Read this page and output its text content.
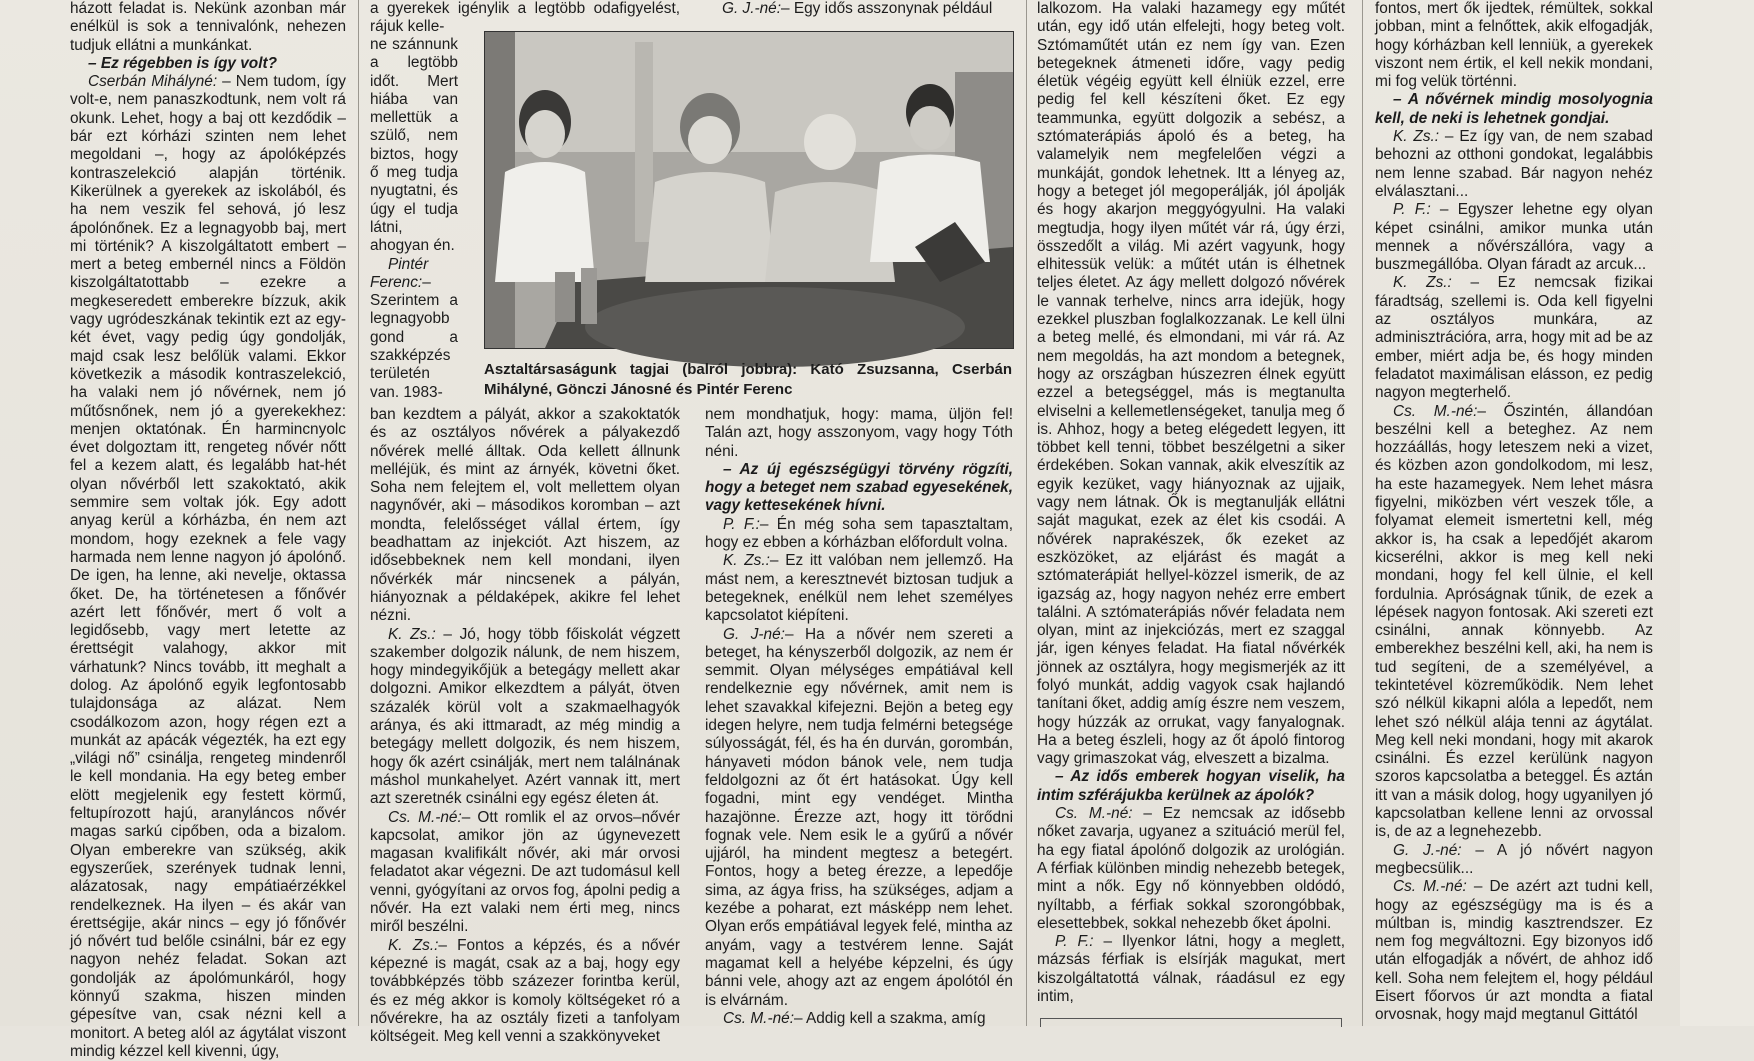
házott feladat is. Nekünk azonban már enélkül is sok a tennivalónk, nehezen tudjuk ellátni a munkánkat.

– Ez régebben is így volt?

Cserbán Mihályné: – Nem tudom, így volt-e, nem panaszkodtunk, nem volt rá okunk. Lehet, hogy a baj ott kezdődik – bár ezt kórházi szinten nem lehet megoldani –, hogy az ápolóképzés kontraszelekció alapján történik. Kikerülnek a gyerekek az iskolából, és ha nem veszik fel sehová, jó lesz ápolónőnek. Ez a legnagyobb baj, mert mi történik? A kiszolgáltatott embert – mert a beteg embernél nincs a Földön kiszolgáltatottabb – ezekre a megkeseredett emberekre bízzuk, akik vagy ugródeszkának tekintik ezt az egy-két évet, vagy pedig úgy gondolják, majd csak lesz belőlük valami. Ekkor következik a második kontraszelekció, ha valaki nem jó nővérnek, nem jó műtősnőnek, nem jó a gyerekekhez: menjen oktatónak. Én harmincnyolc évet dolgoztam itt, rengeteg nővér nőtt fel a kezem alatt, és legalább hat-hét olyan nővérből lett szakoktató, akik semmire sem voltak jók. Egy adott anyag kerül a kórházba, én nem azt mondom, hogy ezeknek a fele vagy harmada nem lenne nagyon jó ápolónő. De igen, ha lenne, aki nevelje, oktassa őket. De, ha történetesen a főnővér azért lett főnővér, mert ő volt a legidősebb, vagy mert letette az érettségit valahogy, akkor mit várhatunk? Nincs tovább, itt meghalt a dolog. Az ápolónő egyik legfontosabb tulajdonsága az alázat. Nem csodálkozom azon, hogy régen ezt a munkát az apácák végezték, ha ezt egy „világi nő” csinálja, rengeteg mindenről le kell mondania. Ha egy beteg ember elött megjelenik egy festett körmű, feltupírozott hajú, aranyláncos nővér magas sarkú cipőben, oda a bizalom. Olyan emberekre van szükség, akik egyszerűek, szerények tudnak lenni, alázatosak, nagy empátiaérzékkel rendelkeznek. Ha ilyen – és akár van érettségije, akár nincs – egy jó főnővér jó nővért tud belőle csinálni, bár ez egy nagyon nehéz feladat. Sokan azt gondolják az ápolómunkáról, hogy könnyű szakma, hiszen minden gépesítve van, csak nézni kell a monitort. A beteg alól az ágytálat viszont mindig kézzel kell kivenni, úgy,

a gyerekek igénylik a legtöbb odafigyelést, rájuk kelle-

ne szánnunk a legtöbb időt. Mert hiába van mellettük a szülő, nem biztos, hogy ő meg tudja nyugtatni, és úgy el tudja látni, ahogyan én.

Pintér Ferenc:– Szerintem a legnagyobb gond a szakképzés területén van. 1983-

ban kezdtem a pályát, akkor a szakoktatók és az osztályos nővérek a pályakezdő nővérek mellé álltak. Oda kellett állnunk melléjük, és mint az árnyék, követni őket. Soha nem felejtem el, volt mellettem olyan nagynővér, aki – másodikos koromban – azt mondta, felelősséget vállal értem, így beadhattam az injekciót. Azt hiszem, az idősebbeknek nem kell mondani, ilyen nővérkék már nincsenek a pályán, hiányoznak a példaképek, akikre fel lehet nézni.

K. Zs.: – Jó, hogy több főiskolát végzett szakember dolgozik nálunk, de nem hiszem, hogy mindegyikőjük a betegágy mellett akar dolgozni. Amikor elkezdtem a pályát, ötven százalék körül volt a szakmaelhagyók aránya, és aki ittmaradt, az még mindig a betegágy mellett dolgozik, és nem hiszem, hogy ők azért csinálják, mert nem találnának máshol munkahelyet. Azért vannak itt, mert azt szeretnék csinálni egy egész életen át.

Cs. M.-né:– Ott romlik el az orvos–nővér kapcsolat, amikor jön az úgynevezett magasan kvalifikált nővér, aki már orvosi feladatot akar végezni. De azt tudomásul kell venni, gyógyítani az orvos fog, ápolni pedig a nővér. Ha ezt valaki nem érti meg, nincs miről beszélni.

K. Zs.:– Fontos a képzés, és a nővér képezné is magát, csak az a baj, hogy egy továbbképzés több százezer forintba kerül, és ez még akkor is komoly költségeket ró a nővérekre, ha az osztály fizeti a tanfolyam költségeit. Meg kell venni a szakkönyveket

G. J.-né:– Egy idős asszonynak például

Asztaltársaságunk tagjai (balról jobbra): Kató Zsuzsanna, Cserbán Mihályné, Gönczi Jánosné és Pintér Ferenc

nem mondhatjuk, hogy: mama, üljön fel! Talán azt, hogy asszonyom, vagy hogy Tóth néni.

– Az új egészségügyi törvény rögzíti, hogy a beteget nem szabad egyesekének, vagy kettesekének hívni.

P. F.:– Én még soha sem tapasztaltam, hogy ez ebben a kórházban előfordult volna.

K. Zs.:– Ez itt valóban nem jellemző. Ha mást nem, a keresztnevét biztosan tudjuk a betegeknek, enélkül nem lehet személyes kapcsolatot kiépíteni.

G. J-né:– Ha a nővér nem szereti a beteget, ha kényszerből dolgozik, az nem ér semmit. Olyan mélységes empátiával kell rendelkeznie egy nővérnek, amit nem is lehet szavakkal kifejezni. Bejön a beteg egy idegen helyre, nem tudja felmérni betegsége súlyosságát, fél, és ha én durván, gorombán, hányaveti módon bánok vele, nem tudja feldolgozni az őt ért hatásokat. Úgy kell fogadni, mint egy vendéget. Mintha hazajönne. Érezze azt, hogy itt törődni fognak vele. Nem esik le a gyűrű a nővér ujjáról, ha mindent megtesz a betegért. Fontos, hogy a beteg érezze, a lepedője sima, az ágya friss, ha szükséges, adjam a kezébe a poharat, ezt másképp nem lehet. Olyan erős empátiával legyek felé, mintha az anyám, vagy a testvérem lenne. Saját magamat kell a helyébe képzelni, és úgy bánni vele, ahogy azt az engem ápolótól én is elvárnám.

Cs. M.-né:– Addig kell a szakma, amíg

lalkozom. Ha valaki hazamegy egy műtét után, egy idő után elfelejti, hogy beteg volt. Sztómaműtét után ez nem így van. Ezen betegeknek átmeneti időre, vagy pedig életük végéig együtt kell élniük ezzel, erre pedig fel kell készíteni őket. Ez egy teammunka, együtt dolgozik a sebész, a sztómaterápiás ápoló és a beteg, ha valamelyik nem megfelelően végzi a munkáját, gondok lehetnek. Itt a lényeg az, hogy a beteget jól megoperálják, jól ápolják és hogy akarjon meggyógyulni. Ha valaki megtudja, hogy ilyen műtét vár rá, úgy érzi, összedőlt a világ. Mi azért vagyunk, hogy elhitessük velük: a műtét után is élhetnek teljes életet. Az ágy mellett dolgozó nővérek le vannak terhelve, nincs arra idejük, hogy ezekkel pluszban foglalkozzanak. Le kell ülni a beteg mellé, és elmondani, mi vár rá. Az nem megoldás, ha azt mondom a betegnek, hogy az országban húszezren élnek együtt ezzel a betegséggel, más is megtanulta elviselni a kellemetlenségeket, tanulja meg ő is. Ahhoz, hogy a beteg elégedett legyen, itt többet kell tenni, többet beszélgetni a siker érdekében. Sokan vannak, akik elveszítik az egyik kezüket, vagy hiányoznak az ujjaik, vagy nem látnak. Ők is megtanulják ellátni saját magukat, ezek az élet kis csodái. A nővérek naprakészek, ők ezeket az eszközöket, az eljárást és magát a sztómaterápiát hellyel-közzel ismerik, de az igazság az, hogy nagyon nehéz erre embert találni. A sztómaterápiás nővér feladata nem olyan, mint az injekciózás, mert ez szaggal jár, igen kényes feladat. Ha fiatal nővérkék jönnek az osztályra, hogy megismerjék az itt folyó munkát, addig vagyok csak hajlandó tanítani őket, addig amíg észre nem veszem, hogy húzzák az orrukat, vagy fanyalognak. Ha a beteg észleli, hogy az őt ápoló fintorog vagy grimaszokat vág, elveszett a bizalma.

– Az idős emberek hogyan viselik, ha intim szférájukba kerülnek az ápolók?

Cs. M.-né: – Ez nemcsak az idősebb nőket zavarja, ugyanez a szituáció merül fel, ha egy fiatal ápolónő dolgozik az urológián. A férfiak különben mindig nehezebb betegek, mint a nők. Egy nő könnyebben oldódó, nyíltabb, a férfiak sokkal szorongóbbak, elesettebbek, sokkal nehezebb őket ápolni.

P. F.: – Ilyenkor látni, hogy a meglett, mázsás férfiak is elsírják magukat, mert kiszolgáltatottá válnak, ráadásul ez egy intim,

fontos, mert ők ijedtek, rémültek, sokkal jobban, mint a felnőttek, akik elfogadják, hogy kórházban kell lenniük, a gyerekek viszont nem értik, el kell nekik mondani, mi fog velük történni.

– A nővérnek mindig mosolyognia kell, de neki is lehetnek gondjai.

K. Zs.: – Ez így van, de nem szabad behozni az otthoni gondokat, legalábbis nem lenne szabad. Bár nagyon nehéz elválasztani...

P. F.: – Egyszer lehetne egy olyan képet csinálni, amikor munka után mennek a nővérszállóra, vagy a buszmegállóba. Olyan fáradt az arcuk...

K. Zs.: – Ez nemcsak fizikai fáradtság, szellemi is. Oda kell figyelni az osztályos munkára, az adminisztrációra, arra, hogy mit ad be az ember, miért adja be, és hogy minden feladatot maximálisan elásson, ez pedig nagyon megterhelő.

Cs. M.-né:– Őszintén, állandóan beszélni kell a beteghez. Az nem hozzáállás, hogy leteszem neki a vizet, és közben azon gondolkodom, mi lesz, ha este hazamegyek. Nem lehet másra figyelni, miközben vért veszek tőle, a folyamat elemeit ismertetni kell, még akkor is, ha csak a lepedőjét akarom kicserélni, akkor is meg kell neki mondani, hogy fel kell ülnie, el kell fordulnia. Apróságnak tűnik, de ezek a lépések nagyon fontosak. Aki szereti ezt csinálni, annak könnyebb. Az emberekhez beszélni kell, aki, ha nem is tud segíteni, de a személyével, a tekintetével közreműködik. Nem lehet szó nélkül kikapni alóla a lepedőt, nem lehet szó nélkül alája tenni az ágytálat. Meg kell neki mondani, hogy mit akarok csinálni. És ezzel kerülünk nagyon szoros kapcsolatba a beteggel. És aztán itt van a másik dolog, hogy ugyanilyen jó kapcsolatban kellene lenni az orvossal is, de az a legnehezebb.

G. J.-né: – A jó nővért nagyon megbecsülik...

Cs. M.-né: – De azért azt tudni kell, hogy az egészségügy ma is és a múltban is, mindig kasztrendszer. Ez nem fog megváltozni. Egy bizonyos idő után elfogadják a nővért, de ahhoz idő kell. Soha nem felejtem el, hogy például Eisert főorvos úr azt mondta a fiatal orvosnak, hogy majd megtanul Gittától
